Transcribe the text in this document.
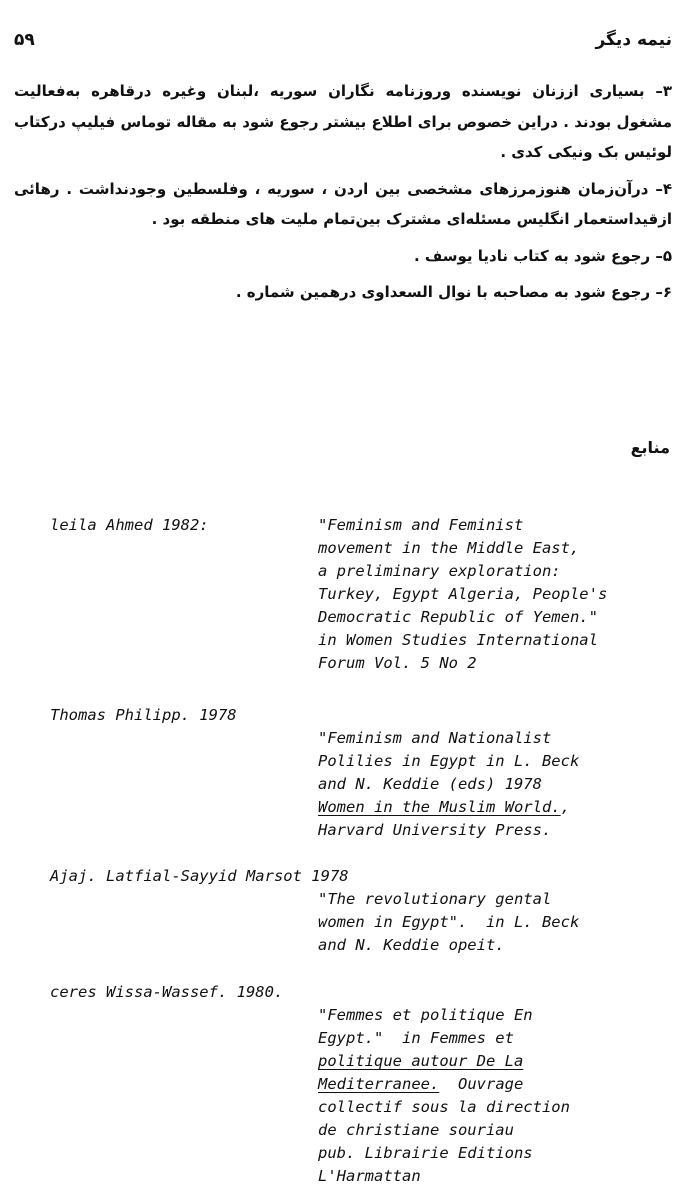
نیمه دیگر
۵۹

۳– بسیاری اززنان نویسنده وروزنامه نگاران سوریه ،لبنان وغیره درقاهره به‌فعالیت مشغول بودند . دراین خصوص برای اطلاع بیشتر رجوع شود به مقاله توماس فیلیپ درکتاب لوئیس بک ونیکی کدی .

۴– درآن‌زمان هنوزمرزهای مشخصی بین اردن ، سوریه ، وفلسطین وجودنداشت . رهائی ازقیداستعمار انگلیس مسئله‌ای مشترک بین‌تمام ملیت های منطقه بود .

۵– رجوع شود به کتاب نادیا یوسف .

۶– رجوع شود به مصاحبه با نوال السعداوی درهمین شماره .

منابع
leila Ahmed 1982:	"Feminism and Feminist
movement in the Middle East,
a preliminary exploration:
Turkey, Egypt Algeria, People's
Democratic Republic of Yemen."
in Women Studies International
Forum Vol. 5 No 2
Thomas Philipp. 1978
"Feminism and Nationalist
Polilies in Egypt in L. Beck
and N. Keddie (eds) 1978
Women in the Muslim World.,
Harvard University Press.
Ajaj. Latfial-Sayyid Marsot 1978
"The revolutionary gental
women in Egypt".  in L. Beck
and N. Keddie opeit.
ceres Wissa-Wassef. 1980.
"Femmes et politique En
Egypt."  in Femmes et
politique autour De La
Mediterranee.  Ouvrage
collectif sous la direction
de christiane souriau
pub. Librairie Editions
L'Harmattan
